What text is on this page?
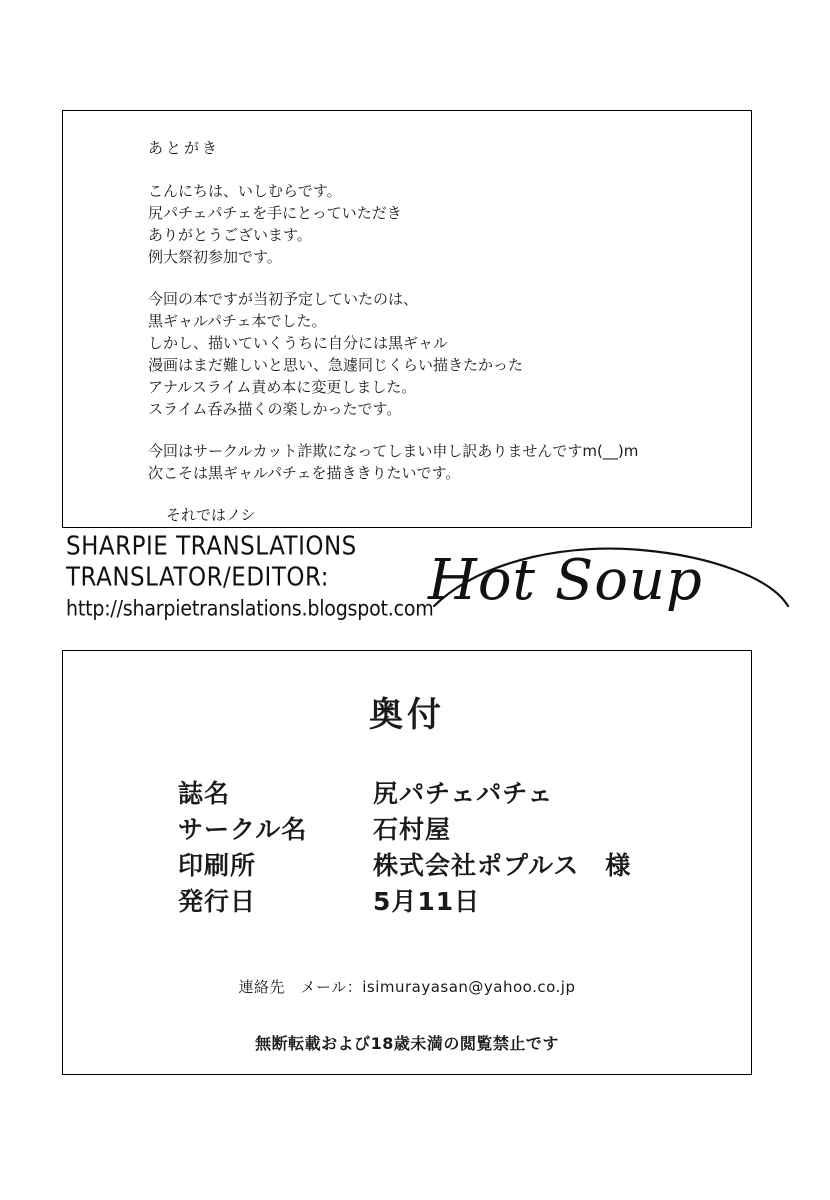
あとがき
こんにちは、いしむらです。
尻パチェパチェを手にとっていただき
ありがとうございます。
例大祭初参加です。
今回の本ですが当初予定していたのは、
黒ギャルパチェ本でした。
しかし、描いていくうちに自分には黒ギャル
漫画はまだ難しいと思い、急遽同じくらい描きたかった
アナルスライム責め本に変更しました。
スライム呑み描くの楽しかったです。
今回はサークルカット詐欺になってしまい申し訳ありませんですm(__)m
次こそは黒ギャルパチェを描ききりたいです。
それではノシ
SHARPIE TRANSLATIONS
TRANSLATOR/EDITOR:
http://sharpietranslations.blogspot.com
Hot Soup
奥付
誌名	尻パチェパチェ
サークル名	石村屋
印刷所	株式会社ポプルス　様
発行日	5月11日
連絡先　メール：isimurayasan@yahoo.co.jp
無断転載および18歳未満の閲覧禁止です
